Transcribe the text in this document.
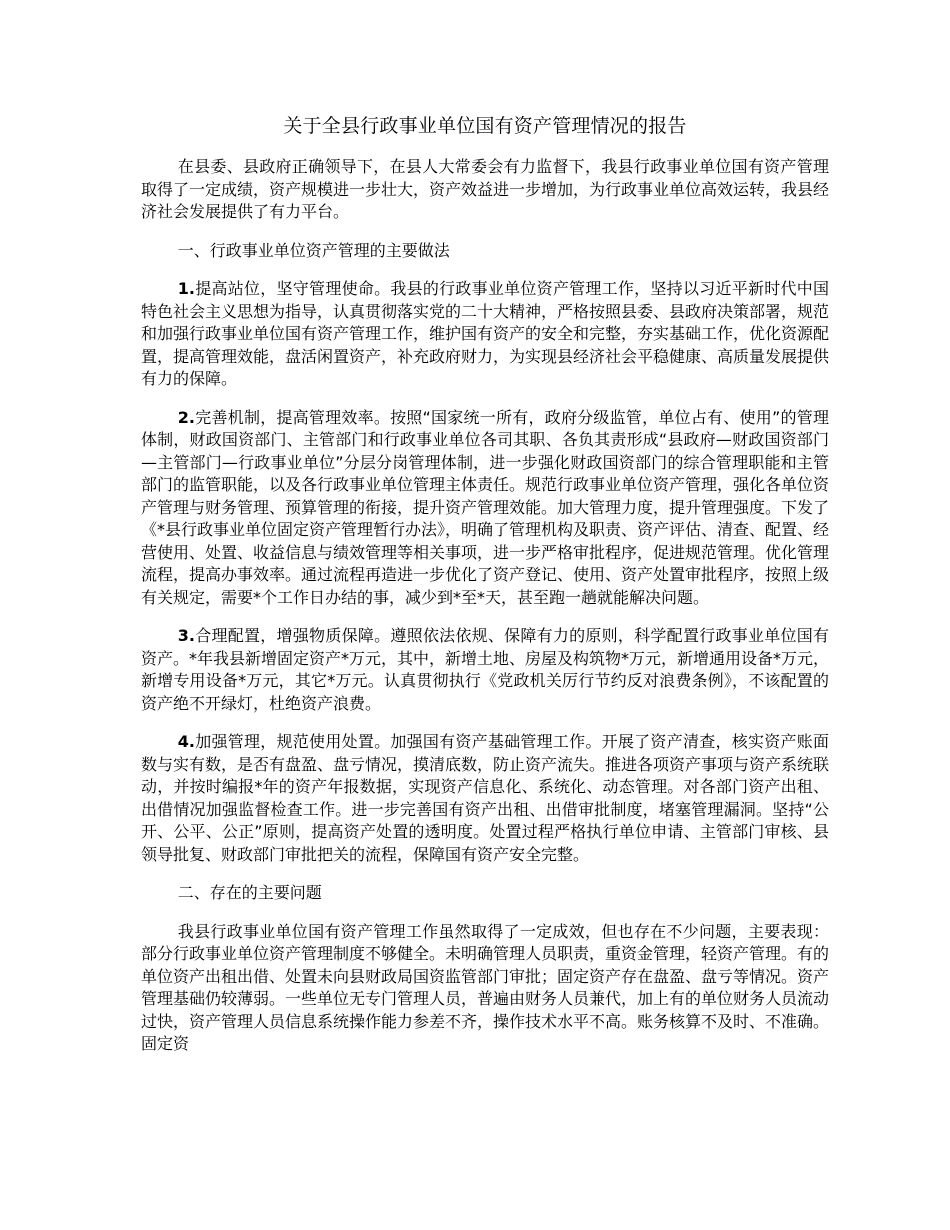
关于全县行政事业单位国有资产管理情况的报告

在县委、县政府正确领导下，在县人大常委会有力监督下，我县行政事业单位国有资产管理取得了一定成绩，资产规模进一步壮大，资产效益进一步增加，为行政事业单位高效运转，我县经济社会发展提供了有力平台。

一、行政事业单位资产管理的主要做法

1.提高站位，坚守管理使命。我县的行政事业单位资产管理工作，坚持以习近平新时代中国特色社会主义思想为指导，认真贯彻落实党的二十大精神，严格按照县委、县政府决策部署，规范和加强行政事业单位国有资产管理工作，维护国有资产的安全和完整，夯实基础工作，优化资源配置，提高管理效能，盘活闲置资产，补充政府财力，为实现县经济社会平稳健康、高质量发展提供有力的保障。

2.完善机制，提高管理效率。按照“国家统一所有，政府分级监管，单位占有、使用”的管理体制，财政国资部门、主管部门和行政事业单位各司其职、各负其责形成“县政府—财政国资部门—主管部门—行政事业单位”分层分岗管理体制，进一步强化财政国资部门的综合管理职能和主管部门的监管职能，以及各行政事业单位管理主体责任。规范行政事业单位资产管理，强化各单位资产管理与财务管理、预算管理的衔接，提升资产管理效能。加大管理力度，提升管理强度。下发了《*县行政事业单位固定资产管理暂行办法》，明确了管理机构及职责、资产评估、清查、配置、经营使用、处置、收益信息与绩效管理等相关事项，进一步严格审批程序，促进规范管理。优化管理流程，提高办事效率。通过流程再造进一步优化了资产登记、使用、资产处置审批程序，按照上级有关规定，需要*个工作日办结的事，减少到*至*天，甚至跑一趟就能解决问题。

3.合理配置，增强物质保障。遵照依法依规、保障有力的原则，科学配置行政事业单位国有资产。*年我县新增固定资产*万元，其中，新增土地、房屋及构筑物*万元，新增通用设备*万元，新增专用设备*万元，其它*万元。认真贯彻执行《党政机关厉行节约反对浪费条例》，不该配置的资产绝不开绿灯，杜绝资产浪费。

4.加强管理，规范使用处置。加强国有资产基础管理工作。开展了资产清查，核实资产账面数与实有数，是否有盘盈、盘亏情况，摸清底数，防止资产流失。推进各项资产事项与资产系统联动，并按时编报*年的资产年报数据，实现资产信息化、系统化、动态管理。对各部门资产出租、出借情况加强监督检查工作。进一步完善国有资产出租、出借审批制度，堵塞管理漏洞。坚持“公开、公平、公正”原则，提高资产处置的透明度。处置过程严格执行单位申请、主管部门审核、县领导批复、财政部门审批把关的流程，保障国有资产安全完整。

二、存在的主要问题

我县行政事业单位国有资产管理工作虽然取得了一定成效，但也存在不少问题，主要表现：部分行政事业单位资产管理制度不够健全。未明确管理人员职责，重资金管理，轻资产管理。有的单位资产出租出借、处置未向县财政局国资监管部门审批；固定资产存在盘盈、盘亏等情况。资产管理基础仍较薄弱。一些单位无专门管理人员，普遍由财务人员兼代，加上有的单位财务人员流动过快，资产管理人员信息系统操作能力参差不齐，操作技术水平不高。账务核算不及时、不准确。固定资
